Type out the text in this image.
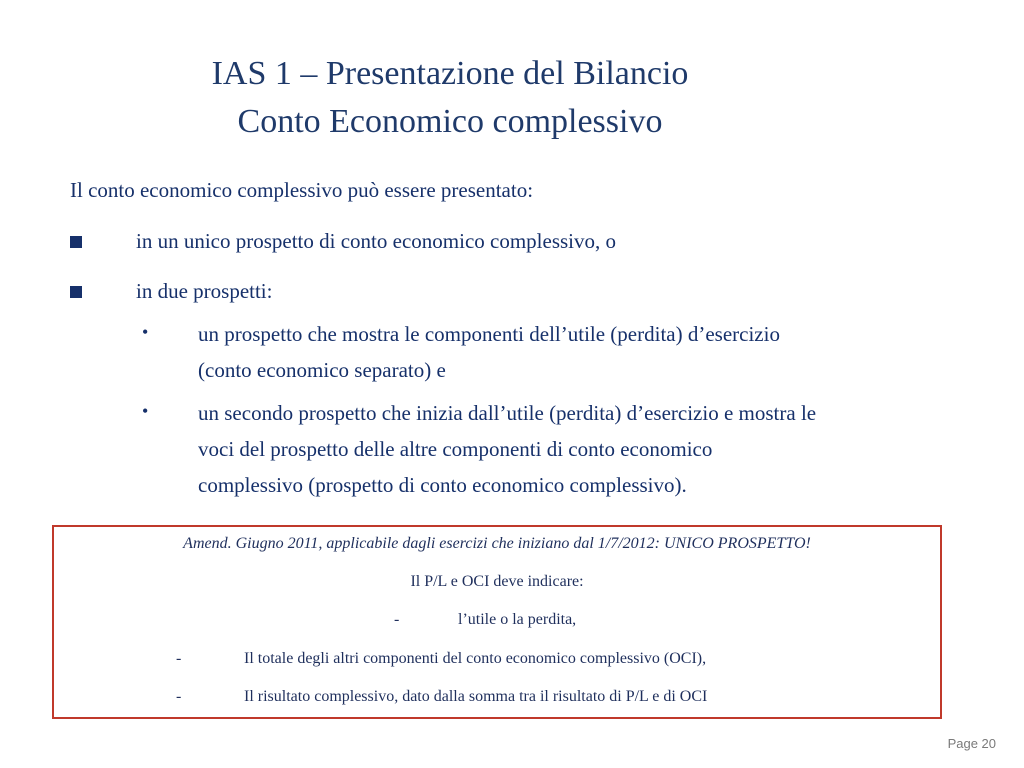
IAS 1 – Presentazione del Bilancio
Conto Economico complessivo
Il conto economico complessivo può essere presentato:
in un unico prospetto di conto economico complessivo, o
in due prospetti:
• un prospetto che mostra le componenti dell’utile (perdita) d’esercizio
(conto economico separato) e
• un secondo prospetto che inizia dall’utile (perdita) d’esercizio e mostra le
voci del prospetto delle altre componenti di conto economico
complessivo (prospetto di conto economico complessivo).
Amend. Giugno 2011, applicabile dagli esercizi che iniziano dal 1/7/2012: UNICO PROSPETTO!
Il P/L e OCI deve indicare:
-	l’utile o la perdita,
-	Il totale degli altri componenti del conto economico complessivo (OCI),
-	Il risultato complessivo, dato dalla somma tra il risultato di P/L e di OCI
Page 20
